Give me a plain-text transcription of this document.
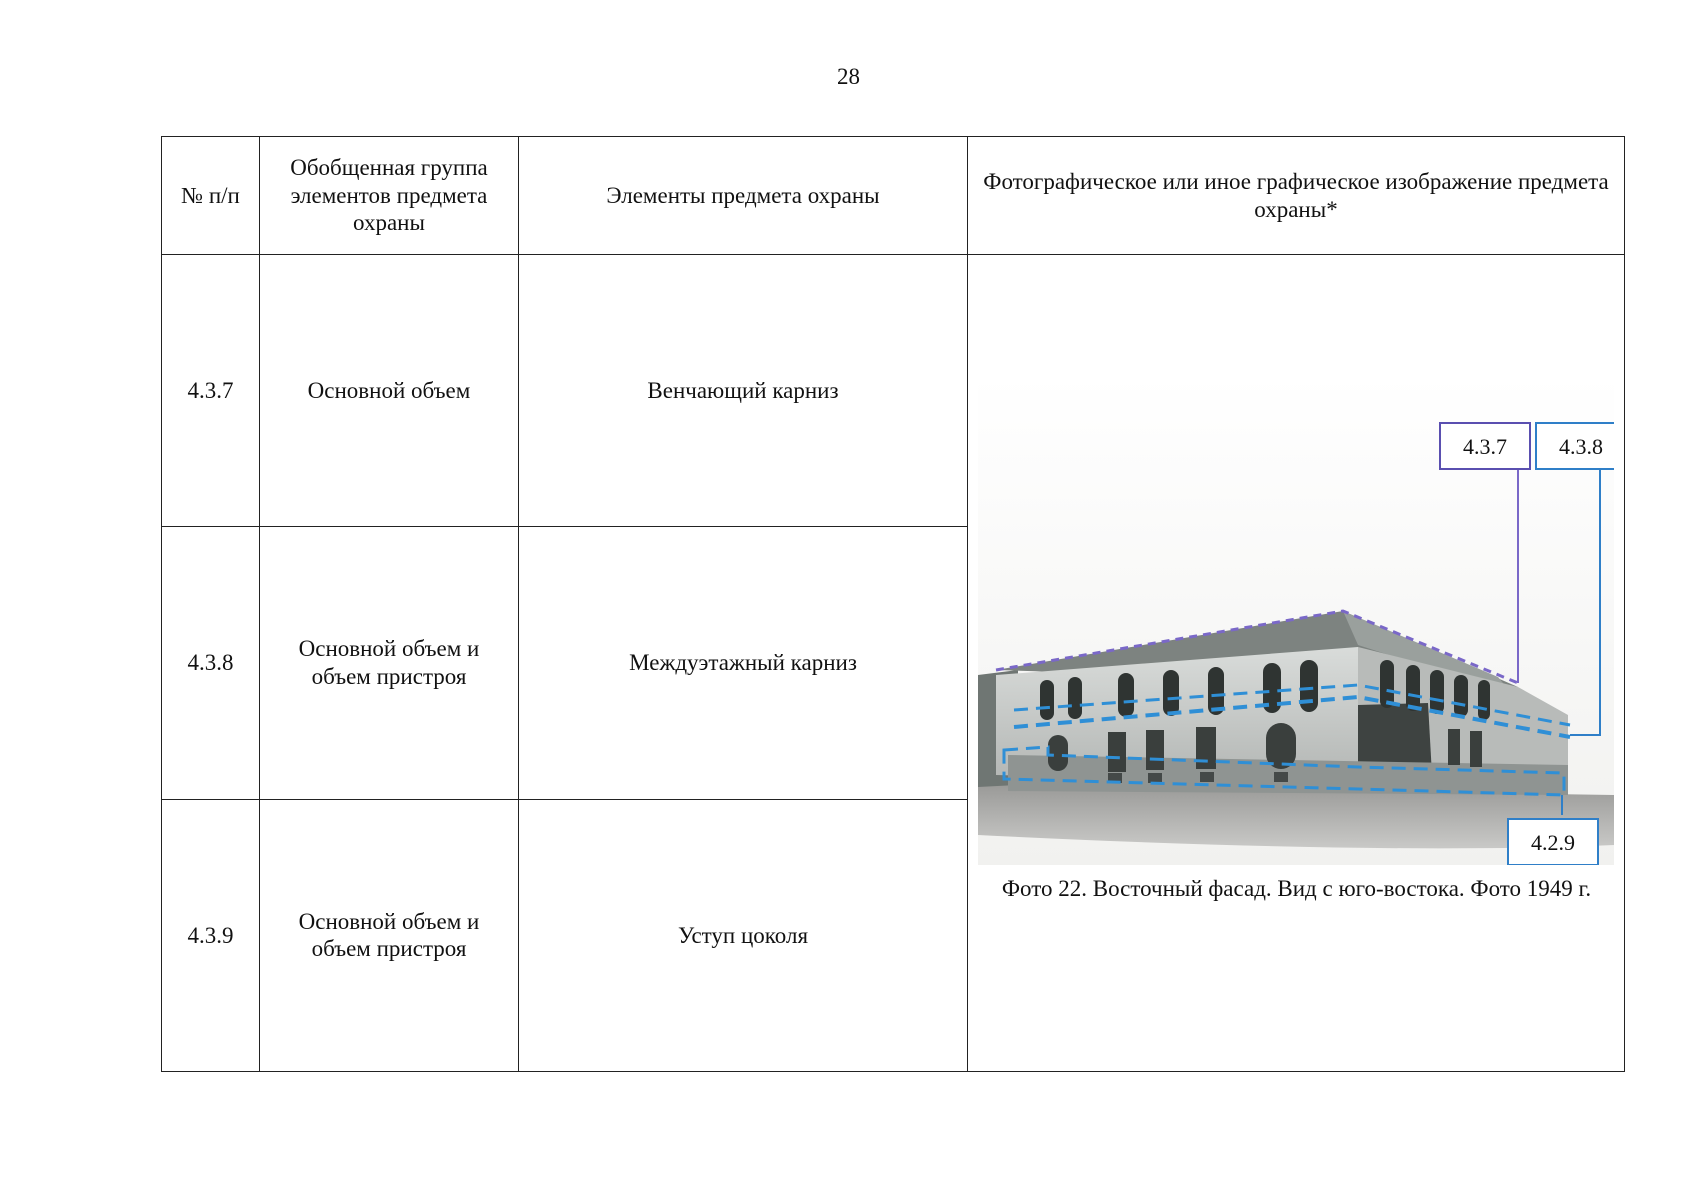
28
№ п/п	Обобщенная группа элементов предмета охраны	Элементы предмета охраны	Фотографическое или иное графическое изображение предмета охраны*
4.3.7	Основной объем	Венчающий карниз	4.3.7 4.3.8
4.2.9
Фото 22. Восточный фасад. Вид с юго-востока. Фото 1949 г.

4.3.8	Основной объем и объем пристроя	Междуэтажный карниз	
4.3.9	Основной объем и объем пристроя	Уступ цоколя	
